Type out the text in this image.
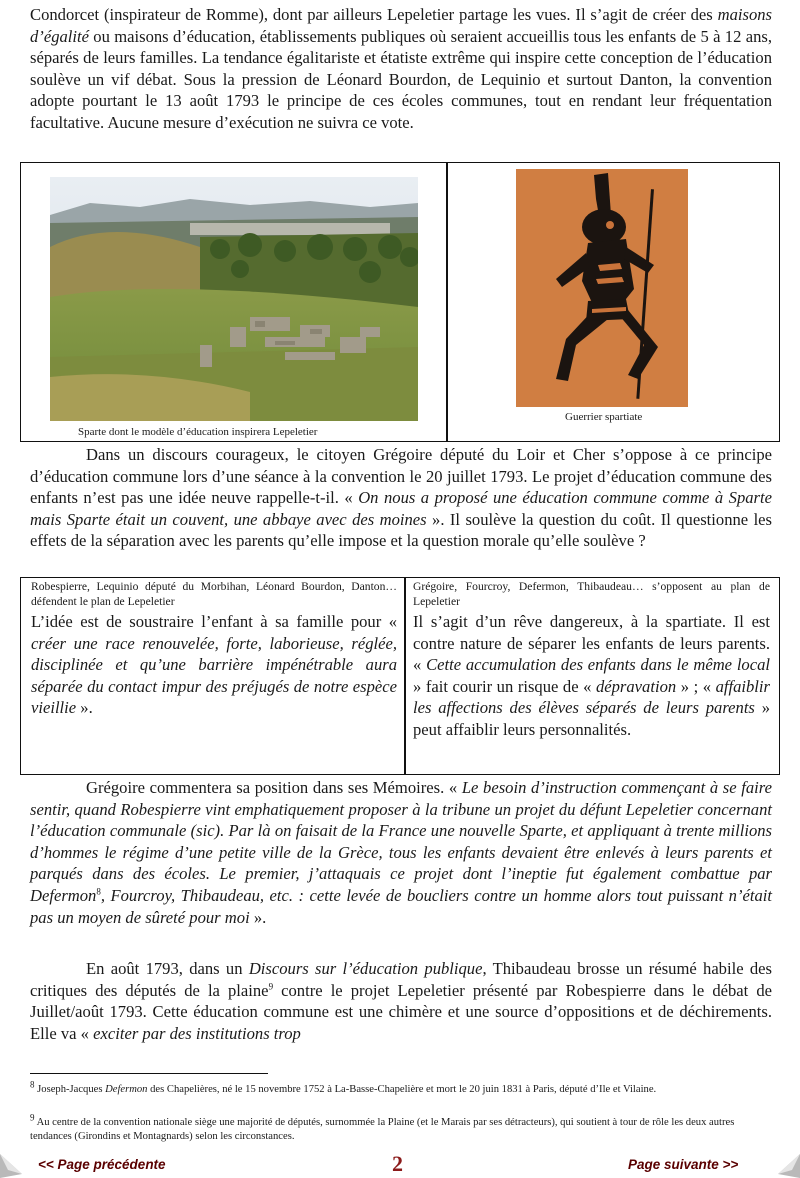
Condorcet (inspirateur de Romme), dont par ailleurs Lepeletier partage les vues. Il s’agit de créer des maisons d’égalité ou maisons d’éducation, établissements publiques où seraient accueillis tous les enfants de 5 à 12 ans, séparés de leurs familles. La tendance égalitariste et étatiste extrême qui inspire cette conception de l’éducation soulève un vif débat. Sous la pression de Léonard Bourdon, de Lequinio et surtout Danton, la convention adopte pourtant le 13 août 1793 le principe de ces écoles communes, tout en rendant leur fréquentation facultative. Aucune mesure d’exécution ne suivra ce vote.

Sparte dont le modèle d’éducation inspirera Lepeletier
Guerrier spartiate

Dans un discours courageux, le citoyen Grégoire député du Loir et Cher s’oppose à ce principe d’éducation commune lors d’une séance à la convention le 20 juillet 1793. Le projet d’éducation commune des enfants n’est pas une idée neuve rappelle-t-il. « On nous a proposé une éducation commune comme à Sparte mais Sparte était un couvent, une abbaye avec des moines ». Il soulève la question du coût. Il questionne les effets de la séparation avec les parents qu’elle impose et la question morale qu’elle soulève ?

Robespierre, Lequinio député du Morbihan, Léonard Bourdon, Danton… défendent le plan de Lepeletier

L’idée est de soustraire l’enfant à sa famille pour « créer une race renouvelée, forte, laborieuse, réglée, disciplinée et qu’une barrière impénétrable aura séparée du contact impur des préjugés de notre espèce vieillie ».

Grégoire, Fourcroy, Defermon, Thibaudeau… s’opposent au plan de Lepeletier

Il s’agit d’un rêve dangereux, à la spartiate. Il est contre nature de séparer les enfants de leurs parents. « Cette accumulation des enfants dans le même local » fait courir un risque de « dépravation » ; « affaiblir les affections des élèves séparés de leurs parents » peut affaiblir leurs personnalités.

Grégoire commentera sa position dans ses Mémoires. « Le besoin d’instruction commençant à se faire sentir, quand Robespierre vint emphatiquement proposer à la tribune un projet du défunt Lepeletier concernant l’éducation communale (sic). Par là on faisait de la France une nouvelle Sparte, et appliquant à trente millions d’hommes le régime d’une petite ville de la Grèce, tous les enfants devaient être enlevés à leurs parents et parqués dans des écoles. Le premier, j’attaquais ce projet dont l’ineptie fut également combattue par Defermon$^8$, Fourcroy, Thibaudeau, etc. : cette levée de boucliers contre un homme alors tout puissant n’était pas un moyen de sûreté pour moi ».

En août 1793, dans un Discours sur l’éducation publique, Thibaudeau brosse un résumé habile des critiques des députés de la plaine$^9$ contre le projet Lepeletier présenté par Robespierre dans le débat de Juillet/août 1793. Cette éducation commune est une chimère et une source d’oppositions et de déchirements. Elle va « exciter par des institutions trop

$^8$ Joseph-Jacques Defermon des Chapelières, né le 15 novembre 1752 à La-Basse-Chapelière et mort le 20 juin 1831 à Paris, député d’Ile et Vilaine.

$^9$ Au centre de la convention nationale siège une majorité de députés, surnommée la Plaine (et le Marais par ses détracteurs), qui soutient à tour de rôle les deux autres tendances (Girondins et Montagnards) selon les circonstances.

<< Page précédente	2	Page suivante >>
